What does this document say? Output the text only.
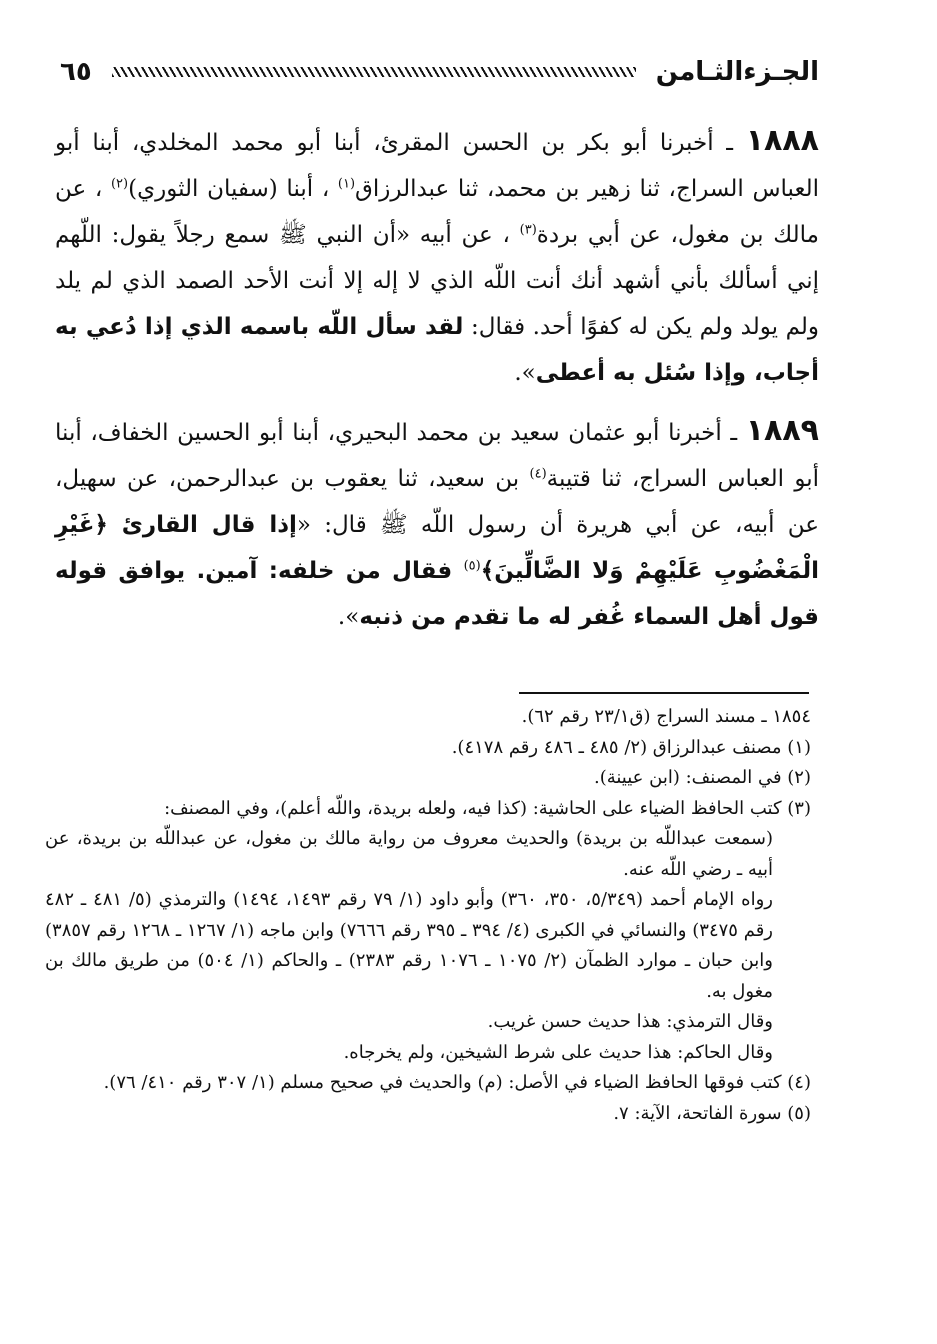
الجـزءالثـامن
٦٥

١٨٨٨ ـ أخبرنا أبو بكر بن الحسن المقرئ، أبنا أبو محمد المخلدي، أبنا أبو العباس السراج، ثنا زهير بن محمد، ثنا عبدالرزاق$^{(١)}$ ، أبنا (سفيان الثوري)$^{(٢)}$ ، عن مالك بن مغول، عن أبي بردة$^{(٣)}$ ، عن أبيه «أن النبي ﷺ سمع رجلاً يقول: اللّهم إني أسألك بأني أشهد أنك أنت اللّه الذي لا إله إلا أنت الأحد الصمد الذي لم يلد ولم يولد ولم يكن له كفوًا أحد. فقال: لقد سأل اللّه باسمه الذي إذا دُعي به أجاب، وإذا سُئل به أعطى».

١٨٨٩ ـ أخبرنا أبو عثمان سعيد بن محمد البحيري، أبنا أبو الحسين الخفاف، أبنا أبو العباس السراج، ثنا قتيبة$^{(٤)}$ بن سعيد، ثنا يعقوب بن عبدالرحمن، عن سهيل، عن أبيه، عن أبي هريرة أن رسول اللّه ﷺ قال: «إذا قال القارئ ﴿غَيْرِ الْمَغْضُوبِ عَلَيْهِمْ وَلا الضَّالِّينَ﴾$^{(٥)}$ فقال من خلفه: آمين. يوافق قوله قول أهل السماء غُفر له ما تقدم من ذنبه».

١٨٥٤ ـ مسند السراج (ق٢٣/١ رقم ٦٢).

(١) مصنف عبدالرزاق (٢/ ٤٨٥ ـ ٤٨٦ رقم ٤١٧٨).

(٢) في المصنف: (ابن عيينة).

(٣) كتب الحافظ الضياء على الحاشية: (كذا فيه، ولعله بريدة، واللّه أعلم)، وفي المصنف:

(سمعت عبداللّه بن بريدة) والحديث معروف من رواية مالك بن مغول، عن عبداللّه بن بريدة، عن أبيه ـ رضي اللّه عنه.

رواه الإمام أحمد (٥/٣٤٩، ٣٥٠، ٣٦٠) وأبو داود (١/ ٧٩ رقم ١٤٩٣، ١٤٩٤) والترمذي (٥/ ٤٨١ ـ ٤٨٢ رقم ٣٤٧٥) والنسائي في الكبرى (٤/ ٣٩٤ ـ ٣٩٥ رقم ٧٦٦٦) وابن ماجه (١/ ١٢٦٧ ـ ١٢٦٨ رقم ٣٨٥٧) وابن حبان ـ موارد الظمآن (٢/ ١٠٧٥ ـ ١٠٧٦ رقم ٢٣٨٣) ـ والحاكم (١/ ٥٠٤) من طريق مالك بن مغول به.

وقال الترمذي: هذا حديث حسن غريب.

وقال الحاكم: هذا حديث على شرط الشيخين، ولم يخرجاه.

(٤) كتب فوقها الحافظ الضياء في الأصل: (م) والحديث في صحيح مسلم (١/ ٣٠٧ رقم ٤١٠/ ٧٦).

(٥) سورة الفاتحة، الآية: ٧.
